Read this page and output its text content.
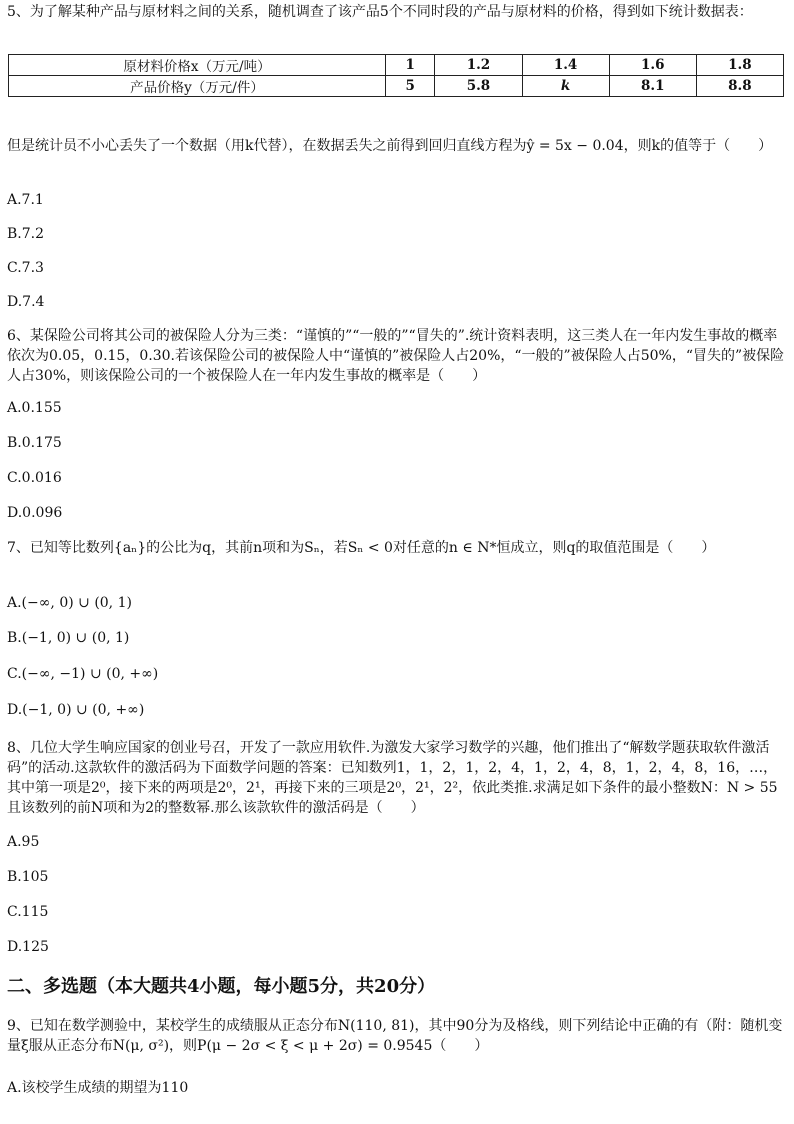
5、为了解某种产品与原材料之间的关系，随机调查了该产品5个不同时段的产品与原材料的价格，得到如下统计数据表：
原材料价格x（万元/吨）	1	1.2	1.4	1.6	1.8
产品价格y（万元/件）	5	5.8	k	8.1	8.8
但是统计员不小心丢失了一个数据（用k代替），在数据丢失之前得到回归直线方程为ŷ = 5x − 0.04，则k的值等于（　　）
A.7.1
B.7.2
C.7.3
D.7.4
6、某保险公司将其公司的被保险人分为三类：“谨慎的”“一般的”“冒失的”.统计资料表明，这三类人在一年内发生事故的概率依次为0.05，0.15，0.30.若该保险公司的被保险人中“谨慎的”被保险人占20%，“一般的”被保险人占50%，“冒失的”被保险人占30%，则该保险公司的一个被保险人在一年内发生事故的概率是（　　）
A.0.155
B.0.175
C.0.016
D.0.096
7、已知等比数列{aₙ}的公比为q，其前n项和为Sₙ，若Sₙ < 0对任意的n ∈ N*恒成立，则q的取值范围是（　　）
A.(−∞, 0) ∪ (0, 1)
B.(−1, 0) ∪ (0, 1)
C.(−∞, −1) ∪ (0, +∞)
D.(−1, 0) ∪ (0, +∞)
8、几位大学生响应国家的创业号召，开发了一款应用软件.为激发大家学习数学的兴趣，他们推出了“解数学题获取软件激活码”的活动.这款软件的激活码为下面数学问题的答案：已知数列1，1，2，1，2，4，1，2，4，8，1，2，4，8，16，…，其中第一项是2⁰，接下来的两项是2⁰，2¹，再接下来的三项是2⁰，2¹，2²，依此类推.求满足如下条件的最小整数N：N > 55且该数列的前N项和为2的整数幂.那么该款软件的激活码是（　　）
A.95
B.105
C.115
D.125
二、多选题（本大题共4小题，每小题5分，共20分）
9、已知在数学测验中，某校学生的成绩服从正态分布N(110, 81)，其中90分为及格线，则下列结论中正确的有（附：随机变量ξ服从正态分布N(μ, σ²)，则P(μ − 2σ < ξ < μ + 2σ) = 0.9545（　　）
A.该校学生成绩的期望为110
